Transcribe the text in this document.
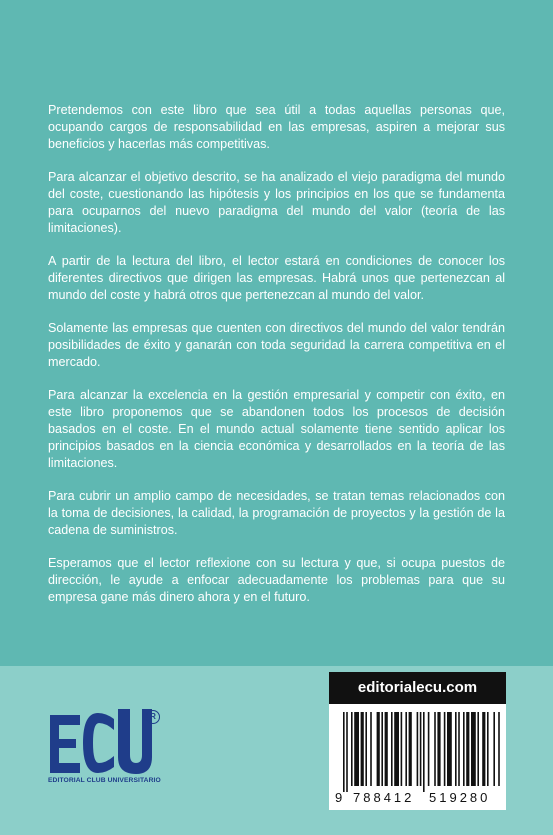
Pretendemos con este libro que sea útil a todas aquellas personas que, ocupando cargos de responsabilidad en las empresas, aspiren a mejorar sus beneficios y hacerlas más competitivas.

Para alcanzar el objetivo descrito, se ha analizado el viejo paradigma del mundo del coste, cuestionando las hipótesis y los principios en los que se fundamenta para ocuparnos del nuevo paradigma del mundo del valor (teoría de las limitaciones).

A partir de la lectura del libro, el lector estará en condiciones de conocer los diferentes directivos que dirigen las empresas. Habrá unos que pertenezcan al mundo del coste y habrá otros que pertenezcan al mundo del valor.

Solamente las empresas que cuenten con directivos del mundo del valor tendrán posibilidades de éxito y ganarán con toda seguridad la carrera competitiva en el mercado.

Para alcanzar la excelencia en la gestión empresarial y competir con éxito, en este libro proponemos que se abandonen todos los procesos de decisión basados en el coste. En el mundo actual solamente tiene sentido aplicar los principios basados en la ciencia económica y desarrollados en la teoría de las limitaciones.

Para cubrir un amplio campo de necesidades, se tratan temas relacionados con la toma de decisiones, la calidad, la programación de proyectos y la gestión de la cadena de suministros.

Esperamos que el lector reflexione con su lectura y que, si ocupa puestos de dirección, le ayude a enfocar adecuadamente los problemas para que su empresa gane más dinero ahora y en el futuro.

R
EDITORIAL CLUB UNIVERSITARIO
editorialecu.com
9 788412 519280
